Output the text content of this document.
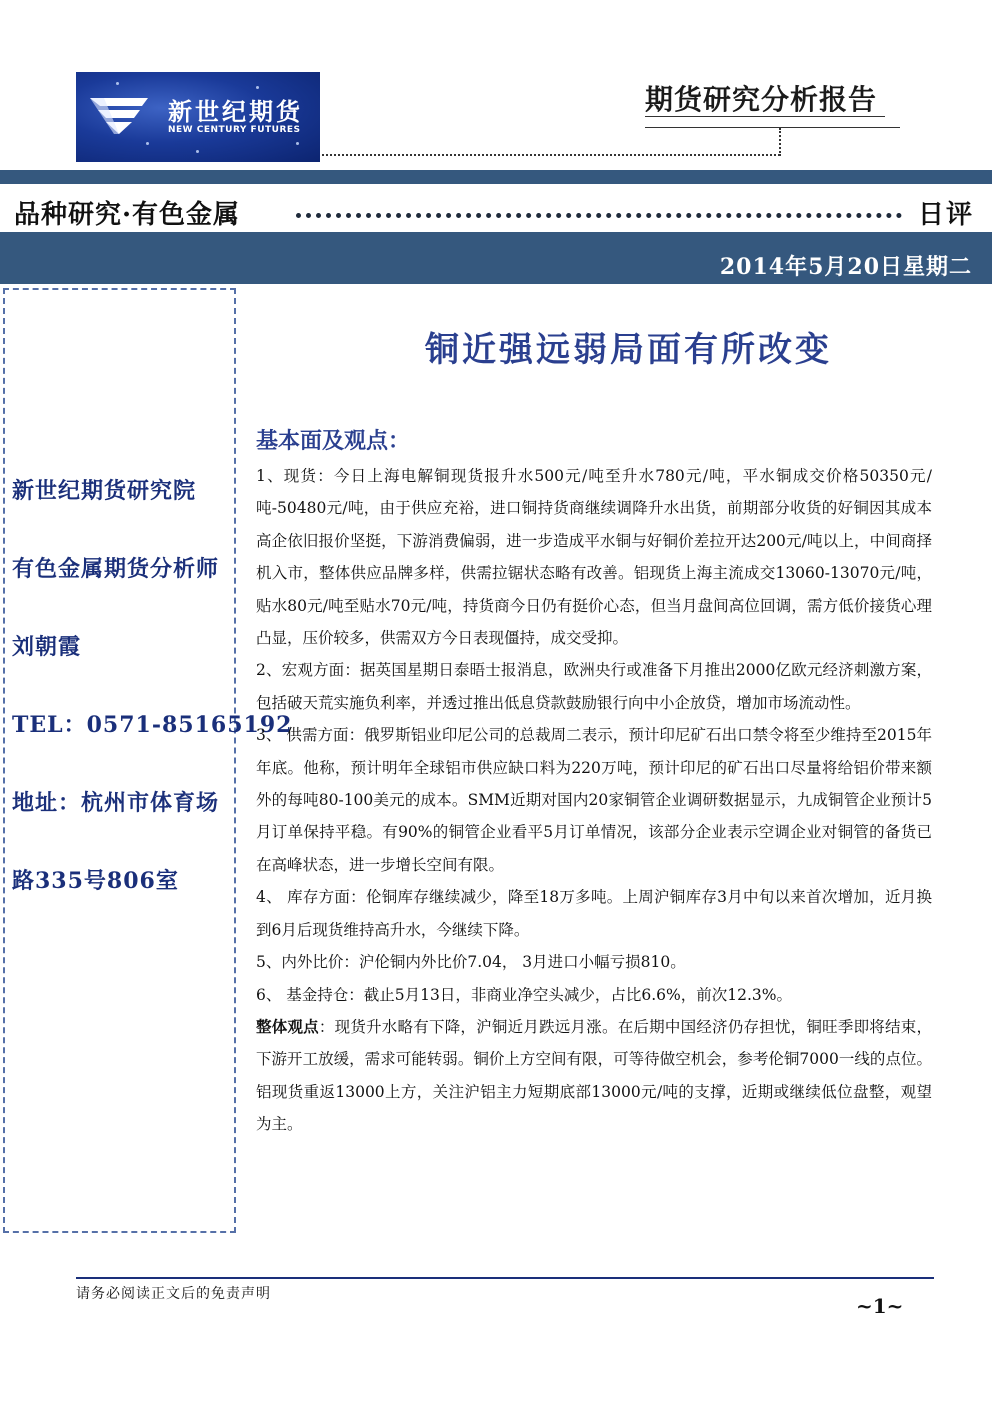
新世纪期货
NEW CENTURY FUTURES
期货研究分析报告
品种研究·有色金属	日评
2014年5月20日星期二
新世纪期货研究院
有色金属期货分析师
刘朝霞
TEL：0571-85165192
地址：杭州市体育场
路335号806室
铜近强远弱局面有所改变
基本面及观点：

1、现货：今日上海电解铜现货报升水500元/吨至升水780元/吨，平水铜成交价格50350元/吨-50480元/吨，由于供应充裕，进口铜持货商继续调降升水出货，前期部分收货的好铜因其成本高企依旧报价坚挺，下游消费偏弱，进一步造成平水铜与好铜价差拉开达200元/吨以上，中间商择机入市，整体供应品牌多样，供需拉锯状态略有改善。铝现货上海主流成交13060-13070元/吨，贴水80元/吨至贴水70元/吨，持货商今日仍有挺价心态，但当月盘间高位回调，需方低价接货心理凸显，压价较多，供需双方今日表现僵持，成交受抑。

2、宏观方面：据英国星期日泰晤士报消息，欧洲央行或准备下月推出2000亿欧元经济刺激方案，包括破天荒实施负利率，并透过推出低息贷款鼓励银行向中小企放贷，增加市场流动性。

3、 供需方面：俄罗斯铝业印尼公司的总裁周二表示，预计印尼矿石出口禁令将至少维持至2015年年底。他称，预计明年全球铝市供应缺口料为220万吨，预计印尼的矿石出口尽量将给铝价带来额外的每吨80-100美元的成本。SMM近期对国内20家铜管企业调研数据显示，九成铜管企业预计5月订单保持平稳。有90%的铜管企业看平5月订单情况，该部分企业表示空调企业对铜管的备货已在高峰状态，进一步增长空间有限。

4、 库存方面：伦铜库存继续减少，降至18万多吨。上周沪铜库存3月中旬以来首次增加，近月换到6月后现货维持高升水，今继续下降。

5、内外比价：沪伦铜内外比价7.04， 3月进口小幅亏损810。

6、 基金持仓：截止5月13日，非商业净空头减少，占比6.6%，前次12.3%。

整体观点：现货升水略有下降，沪铜近月跌远月涨。在后期中国经济仍存担忧，铜旺季即将结束，下游开工放缓，需求可能转弱。铜价上方空间有限，可等待做空机会，参考伦铜7000一线的点位。铝现货重返13000上方，关注沪铝主力短期底部13000元/吨的支撑，近期或继续低位盘整，观望为主。

请务必阅读正文后的免责声明	~1~
